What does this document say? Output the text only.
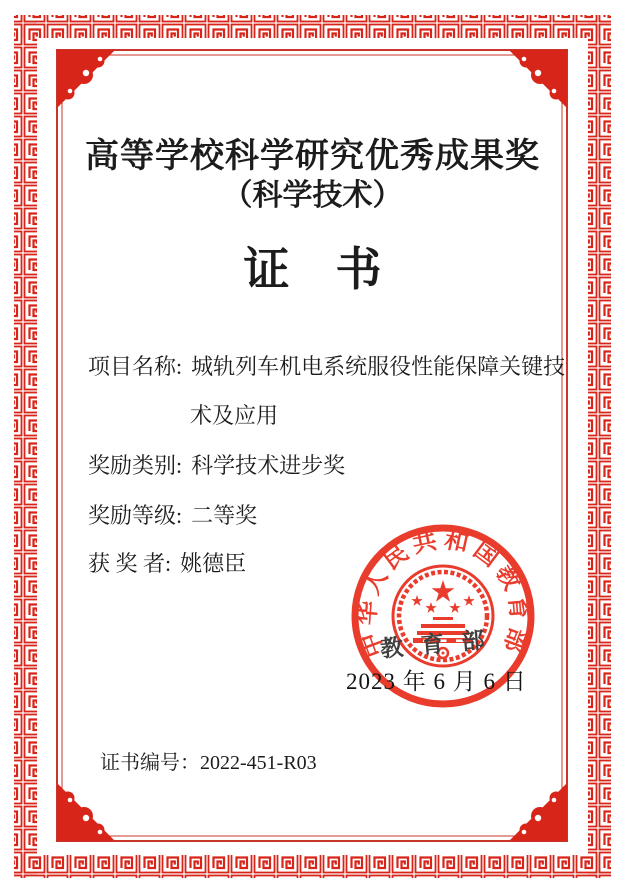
高等学校科学研究优秀成果奖
（科学技术）
证　书
项目名称: 城轨列车机电系统服役性能保障关键技
术及应用
奖励类别: 科学技术进步奖
奖励等级: 二等奖
获 奖 者: 姚德臣
中华人民共和国教育部
教 育 部
2023 年 6 月 6 日
证书编号：2022-451-R03
